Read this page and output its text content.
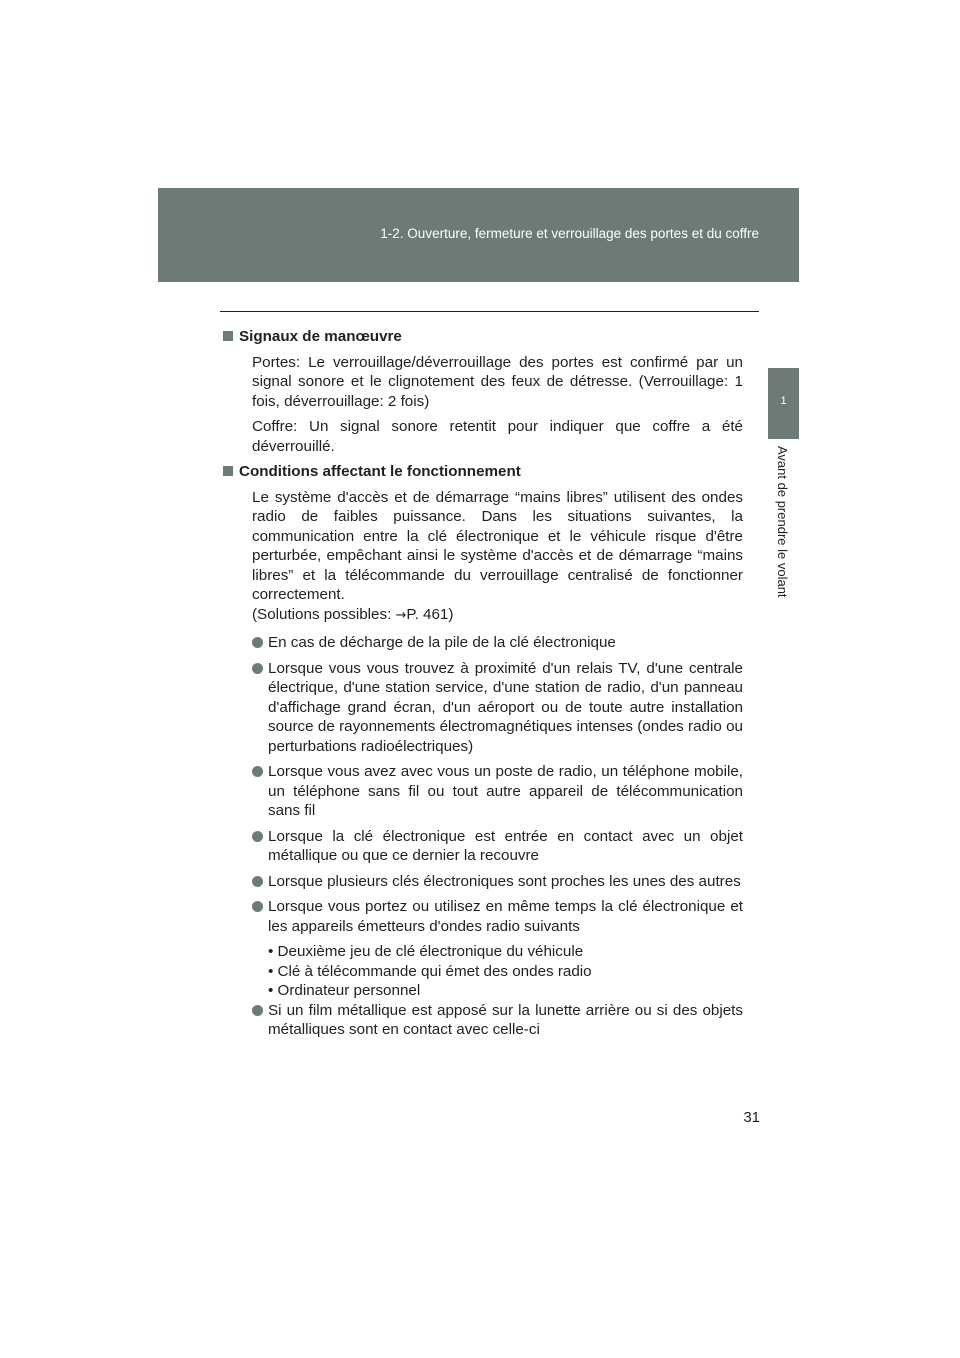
1-2. Ouverture, fermeture et verrouillage des portes et du coffre
1
Avant de prendre le volant
Signaux de manœuvre

Portes: Le verrouillage/déverrouillage des portes est confirmé par un signal sonore et le clignotement des feux de détresse. (Verrouillage: 1 fois, déverrouillage: 2 fois)

Coffre: Un signal sonore retentit pour indiquer que coffre a été déverrouillé.

Conditions affectant le fonctionnement

Le système d'accès et de démarrage “mains libres” utilisent des ondes radio de faibles puissance. Dans les situations suivantes, la communication entre la clé électronique et le véhicule risque d'être perturbée, empêchant ainsi le système d'accès et de démarrage “mains libres” et la télécommande du verrouillage centralisé de fonctionner correctement.

(Solutions possibles: →P. 461)

En cas de décharge de la pile de la clé électronique
Lorsque vous vous trouvez à proximité d'un relais TV, d'une centrale électrique, d'une station service, d'une station de radio, d'un panneau d'affichage grand écran, d'un aéroport ou de toute autre installation source de rayonnements électromagnétiques intenses (ondes radio ou perturbations radioélectriques)
Lorsque vous avez avec vous un poste de radio, un téléphone mobile, un téléphone sans fil ou tout autre appareil de télécommunication sans fil
Lorsque la clé électronique est entrée en contact avec un objet métallique ou que ce dernier la recouvre
Lorsque plusieurs clés électroniques sont proches les unes des autres
Lorsque vous portez ou utilisez en même temps la clé électronique et les appareils émetteurs d'ondes radio suivants
• Deuxième jeu de clé électronique du véhicule
• Clé à télécommande qui émet des ondes radio
• Ordinateur personnel
Si un film métallique est apposé sur la lunette arrière ou si des objets métalliques sont en contact avec celle-ci
31
